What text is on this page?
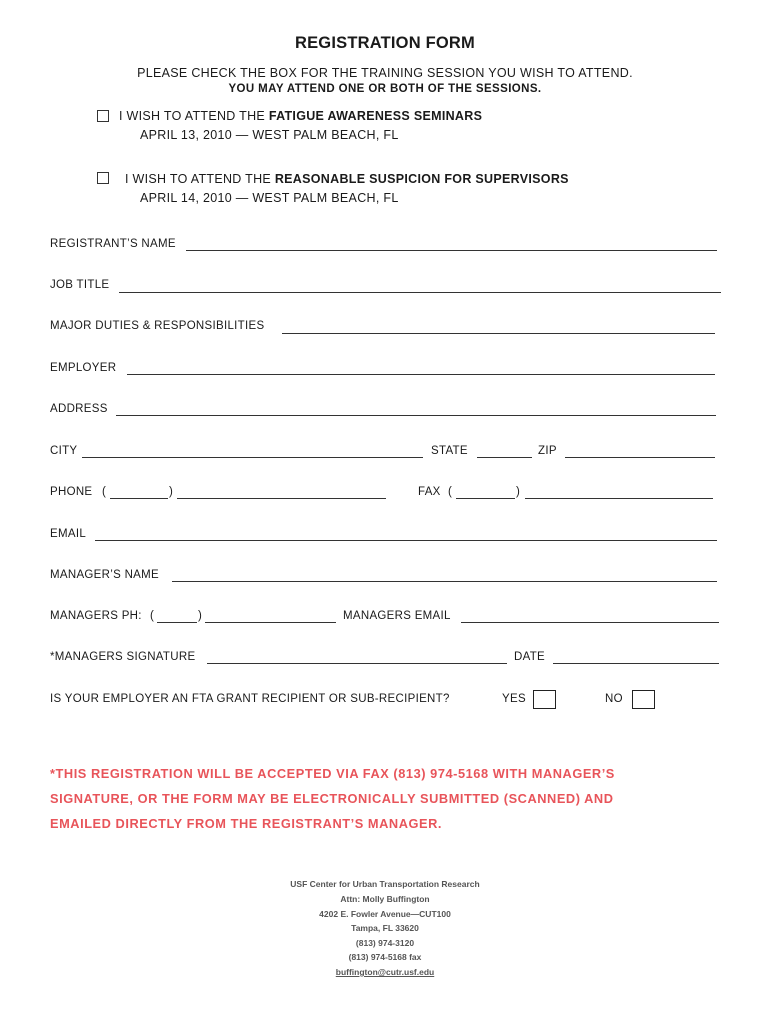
REGISTRATION FORM
PLEASE CHECK THE BOX FOR THE TRAINING SESSION YOU WISH TO ATTEND.
YOU MAY ATTEND ONE OR BOTH OF THE SESSIONS.
I WISH TO ATTEND THE FATIGUE AWARENESS SEMINARS
APRIL 13, 2010 — WEST PALM BEACH, FL
I WISH TO ATTEND THE REASONABLE SUSPICION FOR SUPERVISORS
APRIL 14, 2010 — WEST PALM BEACH, FL
REGISTRANT’S NAME
JOB TITLE
MAJOR DUTIES & RESPONSIBILITIES
EMPLOYER
ADDRESS
CITY	STATE	ZIP
PHONE (	)	FAX (	)
EMAIL
MANAGER’S NAME
MANAGERS PH: (	)	MANAGERS EMAIL
*MANAGERS SIGNATURE	DATE
IS YOUR EMPLOYER AN FTA GRANT RECIPIENT OR SUB-RECIPIENT?	YES	NO
*THIS REGISTRATION WILL BE ACCEPTED VIA FAX (813) 974-5168 WITH MANAGER’S
SIGNATURE, OR THE FORM MAY BE ELECTRONICALLY SUBMITTED (SCANNED) AND
EMAILED DIRECTLY FROM THE REGISTRANT’S MANAGER.
USF Center for Urban Transportation Research
Attn: Molly Buffington
4202 E. Fowler Avenue—CUT100
Tampa, FL 33620
(813) 974-3120
(813) 974-5168 fax
buffington@cutr.usf.edu
